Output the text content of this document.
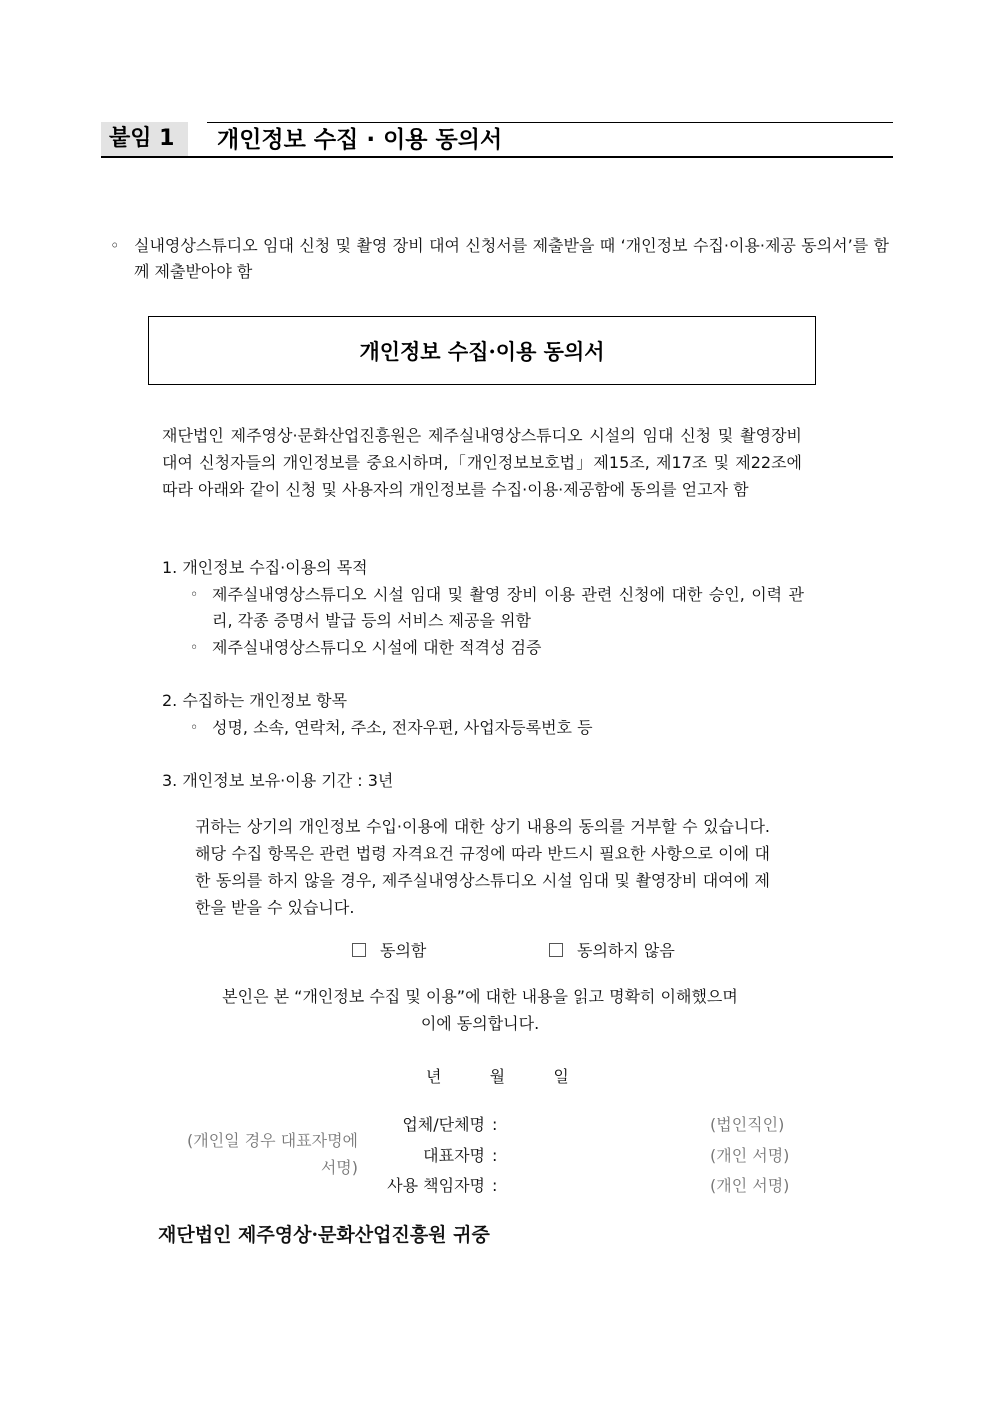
붙임 1	개인정보 수집 · 이용 동의서
◦ 실내영상스튜디오 임대 신청 및 촬영 장비 대여 신청서를 제출받을 때 ‘개인정보 수집·이용·제공 동의서’를 함께 제출받아야 함
개인정보 수집·이용 동의서
재단법인 제주영상·문화산업진흥원은 제주실내영상스튜디오 시설의 임대 신청 및 촬영장비 대여 신청자들의 개인정보를 중요시하며,「개인정보보호법」제15조, 제17조 및 제22조에 따라 아래와 같이 신청 및 사용자의 개인정보를 수집·이용·제공함에 동의를 얻고자 함
1. 개인정보 수집·이용의 목적
◦ 제주실내영상스튜디오 시설 임대 및 촬영 장비 이용 관련 신청에 대한 승인, 이력 관리, 각종 증명서 발급 등의 서비스 제공을 위함
◦ 제주실내영상스튜디오 시설에 대한 적격성 검증
2. 수집하는 개인정보 항목
◦ 성명, 소속, 연락처, 주소, 전자우편, 사업자등록번호 등
3. 개인정보 보유·이용 기간 : 3년
귀하는 상기의 개인정보 수입·이용에 대한 상기 내용의 동의를 거부할 수 있습니다. 해당 수집 항목은 관련 법령 자격요건 규정에 따라 반드시 필요한 사항으로 이에 대한 동의를 하지 않을 경우, 제주실내영상스튜디오 시설 임대 및 촬영장비 대여에 제한을 받을 수 있습니다.
동의함	동의하지 않음
본인은 본 “개인정보 수집 및 이용”에 대한 내용을 읽고 명확히 이해했으며
이에 동의합니다.
년	월	일
(개인일 경우 대표자명에 서명)
업체/단체명 :	(법인직인)
대표자명 :	(개인 서명)
사용 책임자명 :	(개인 서명)
재단법인 제주영상·문화산업진흥원 귀중
